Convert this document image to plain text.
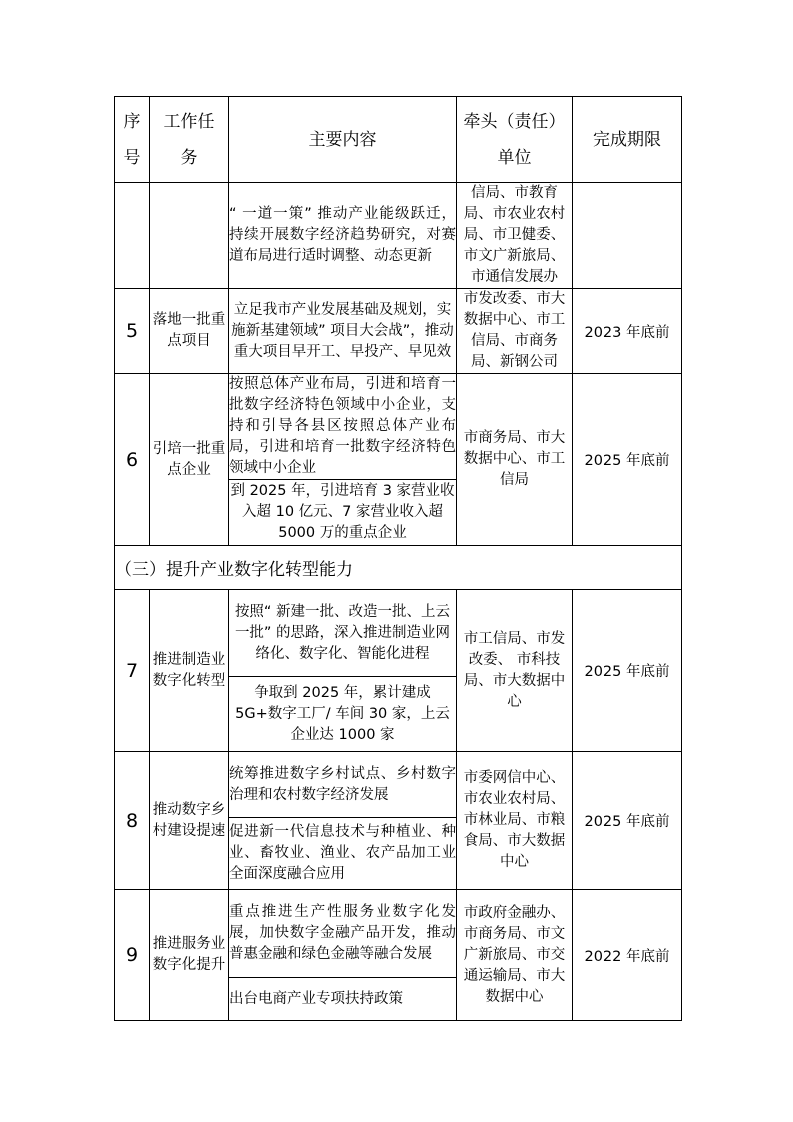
序号	工作任务	主要内容	牵头（责任）单位	完成期限
		“ 一道一策” 推动产业能级跃迁，持续开展数字经济趋势研究，对赛道布局进行适时调整、动态更新	信局、市教育局、市农业农村局、市卫健委、市文广新旅局、市通信发展办	
5	落地一批重点项目	立足我市产业发展基础及规划，实施新基建领域” 项目大会战”，推动重大项目早开工、早投产、早见效	市发改委、市大数据中心、市工信局、市商务局、新钢公司	2023 年底前
6	引培一批重点企业	按照总体产业布局，引进和培育一批数字经济特色领域中小企业，支持和引导各县区按照总体产业布局，引进和培育一批数字经济特色领域中小企业	市商务局、市大数据中心、市工信局	2025 年底前
		到 2025 年，引进培育 3 家营业收入超 10 亿元、7 家营业收入超 5000 万的重点企业		
（三）提升产业数字化转型能力				
7	推进制造业数字化转型	按照“ 新建一批、改造一批、上云一批” 的思路，深入推进制造业网络化、数字化、智能化进程	市工信局、市发改委、 市科技局、市大数据中心	2025 年底前
		争取到 2025 年，累计建成 5G+数字工厂/ 车间 30 家，上云企业达 1000 家		
8	推动数字乡村建设提速	统筹推进数字乡村试点、乡村数字治理和农村数字经济发展	市委网信中心、市农业农村局、市林业局、市粮食局、市大数据中心	2025 年底前
		促进新一代信息技术与种植业、种业、畜牧业、渔业、农产品加工业全面深度融合应用		
9	推进服务业数字化提升	重点推进生产性服务业数字化发展，加快数字金融产品开发，推动普惠金融和绿色金融等融合发展	市政府金融办、市商务局、市文广新旅局、市交通运输局、市大数据中心	2022 年底前
		出台电商产业专项扶持政策		
